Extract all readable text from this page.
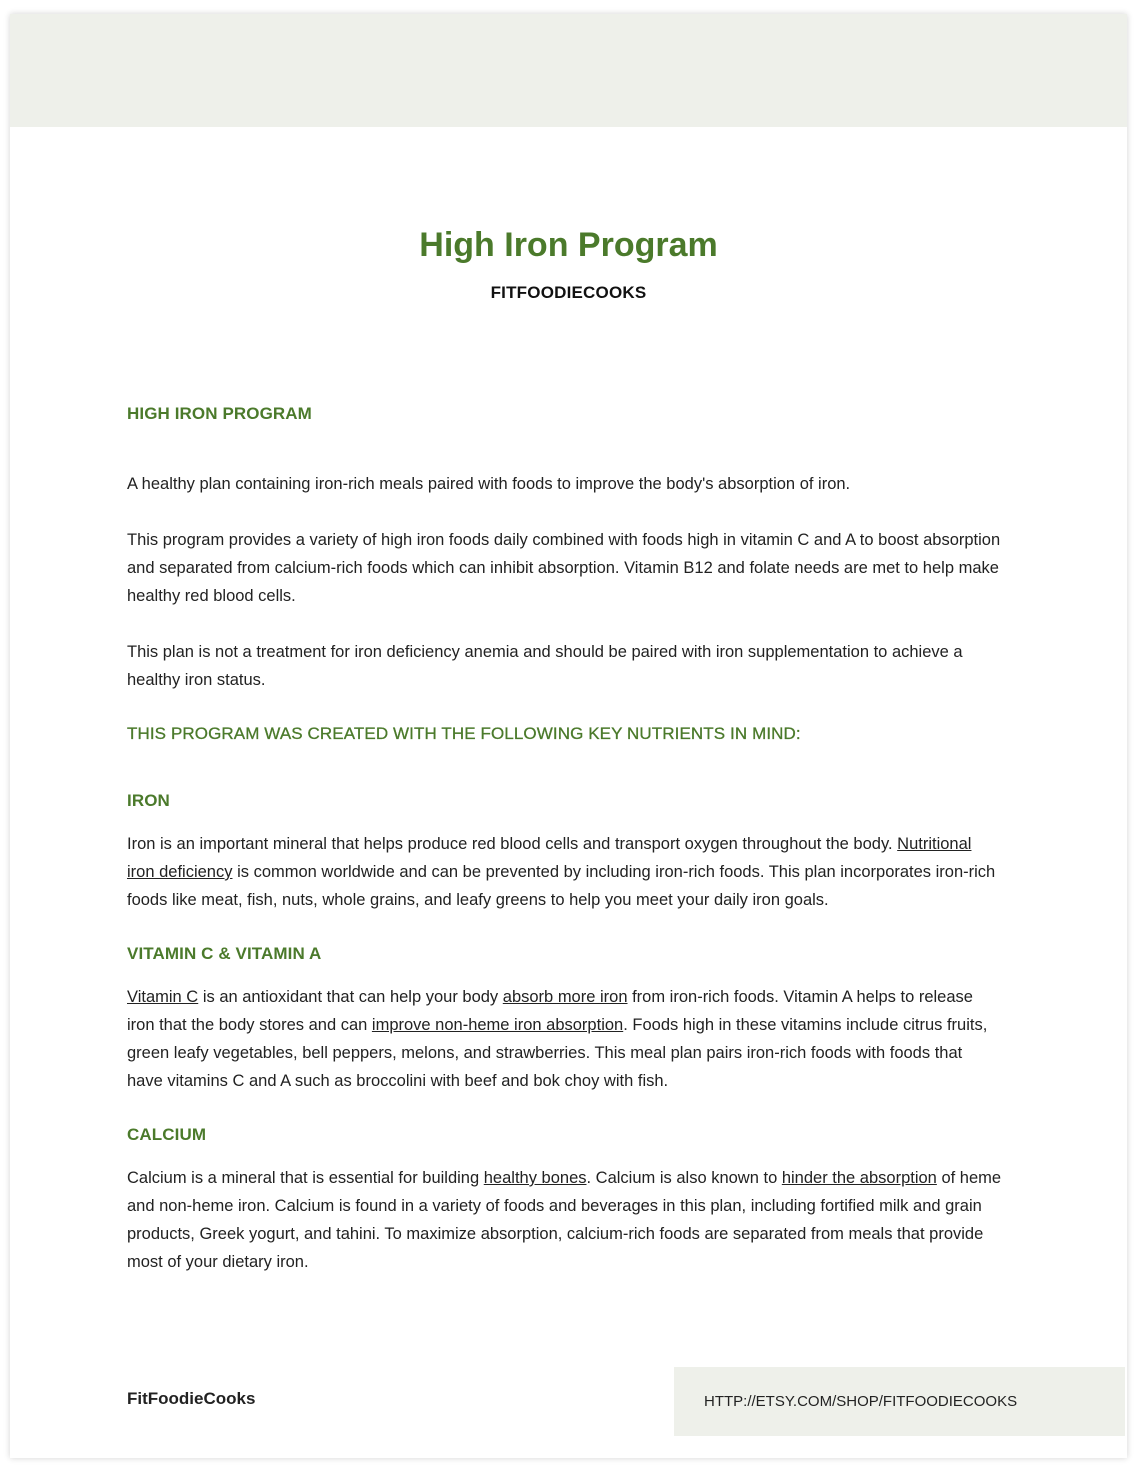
High Iron Program
FITFOODIECOOKS
HIGH IRON PROGRAM

A healthy plan containing iron-rich meals paired with foods to improve the body's absorption of iron.

This program provides a variety of high iron foods daily combined with foods high in vitamin C and A to boost absorption and separated from calcium-rich foods which can inhibit absorption. Vitamin B12 and folate needs are met to help make healthy red blood cells.

This plan is not a treatment for iron deficiency anemia and should be paired with iron supplementation to achieve a healthy iron status.

THIS PROGRAM WAS CREATED WITH THE FOLLOWING KEY NUTRIENTS IN MIND:
IRON

Iron is an important mineral that helps produce red blood cells and transport oxygen throughout the body. Nutritional iron deficiency is common worldwide and can be prevented by including iron-rich foods. This plan incorporates iron-rich foods like meat, fish, nuts, whole grains, and leafy greens to help you meet your daily iron goals.

VITAMIN C & VITAMIN A

Vitamin C is an antioxidant that can help your body absorb more iron from iron-rich foods. Vitamin A helps to release iron that the body stores and can improve non-heme iron absorption. Foods high in these vitamins include citrus fruits, green leafy vegetables, bell peppers, melons, and strawberries. This meal plan pairs iron-rich foods with foods that have vitamins C and A such as broccolini with beef and bok choy with fish.

CALCIUM

Calcium is a mineral that is essential for building healthy bones. Calcium is also known to hinder the absorption of heme and non-heme iron. Calcium is found in a variety of foods and beverages in this plan, including fortified milk and grain products, Greek yogurt, and tahini. To maximize absorption, calcium-rich foods are separated from meals that provide most of your dietary iron.

FitFoodieCooks	HTTP://ETSY.COM/SHOP/FITFOODIECOOKS
